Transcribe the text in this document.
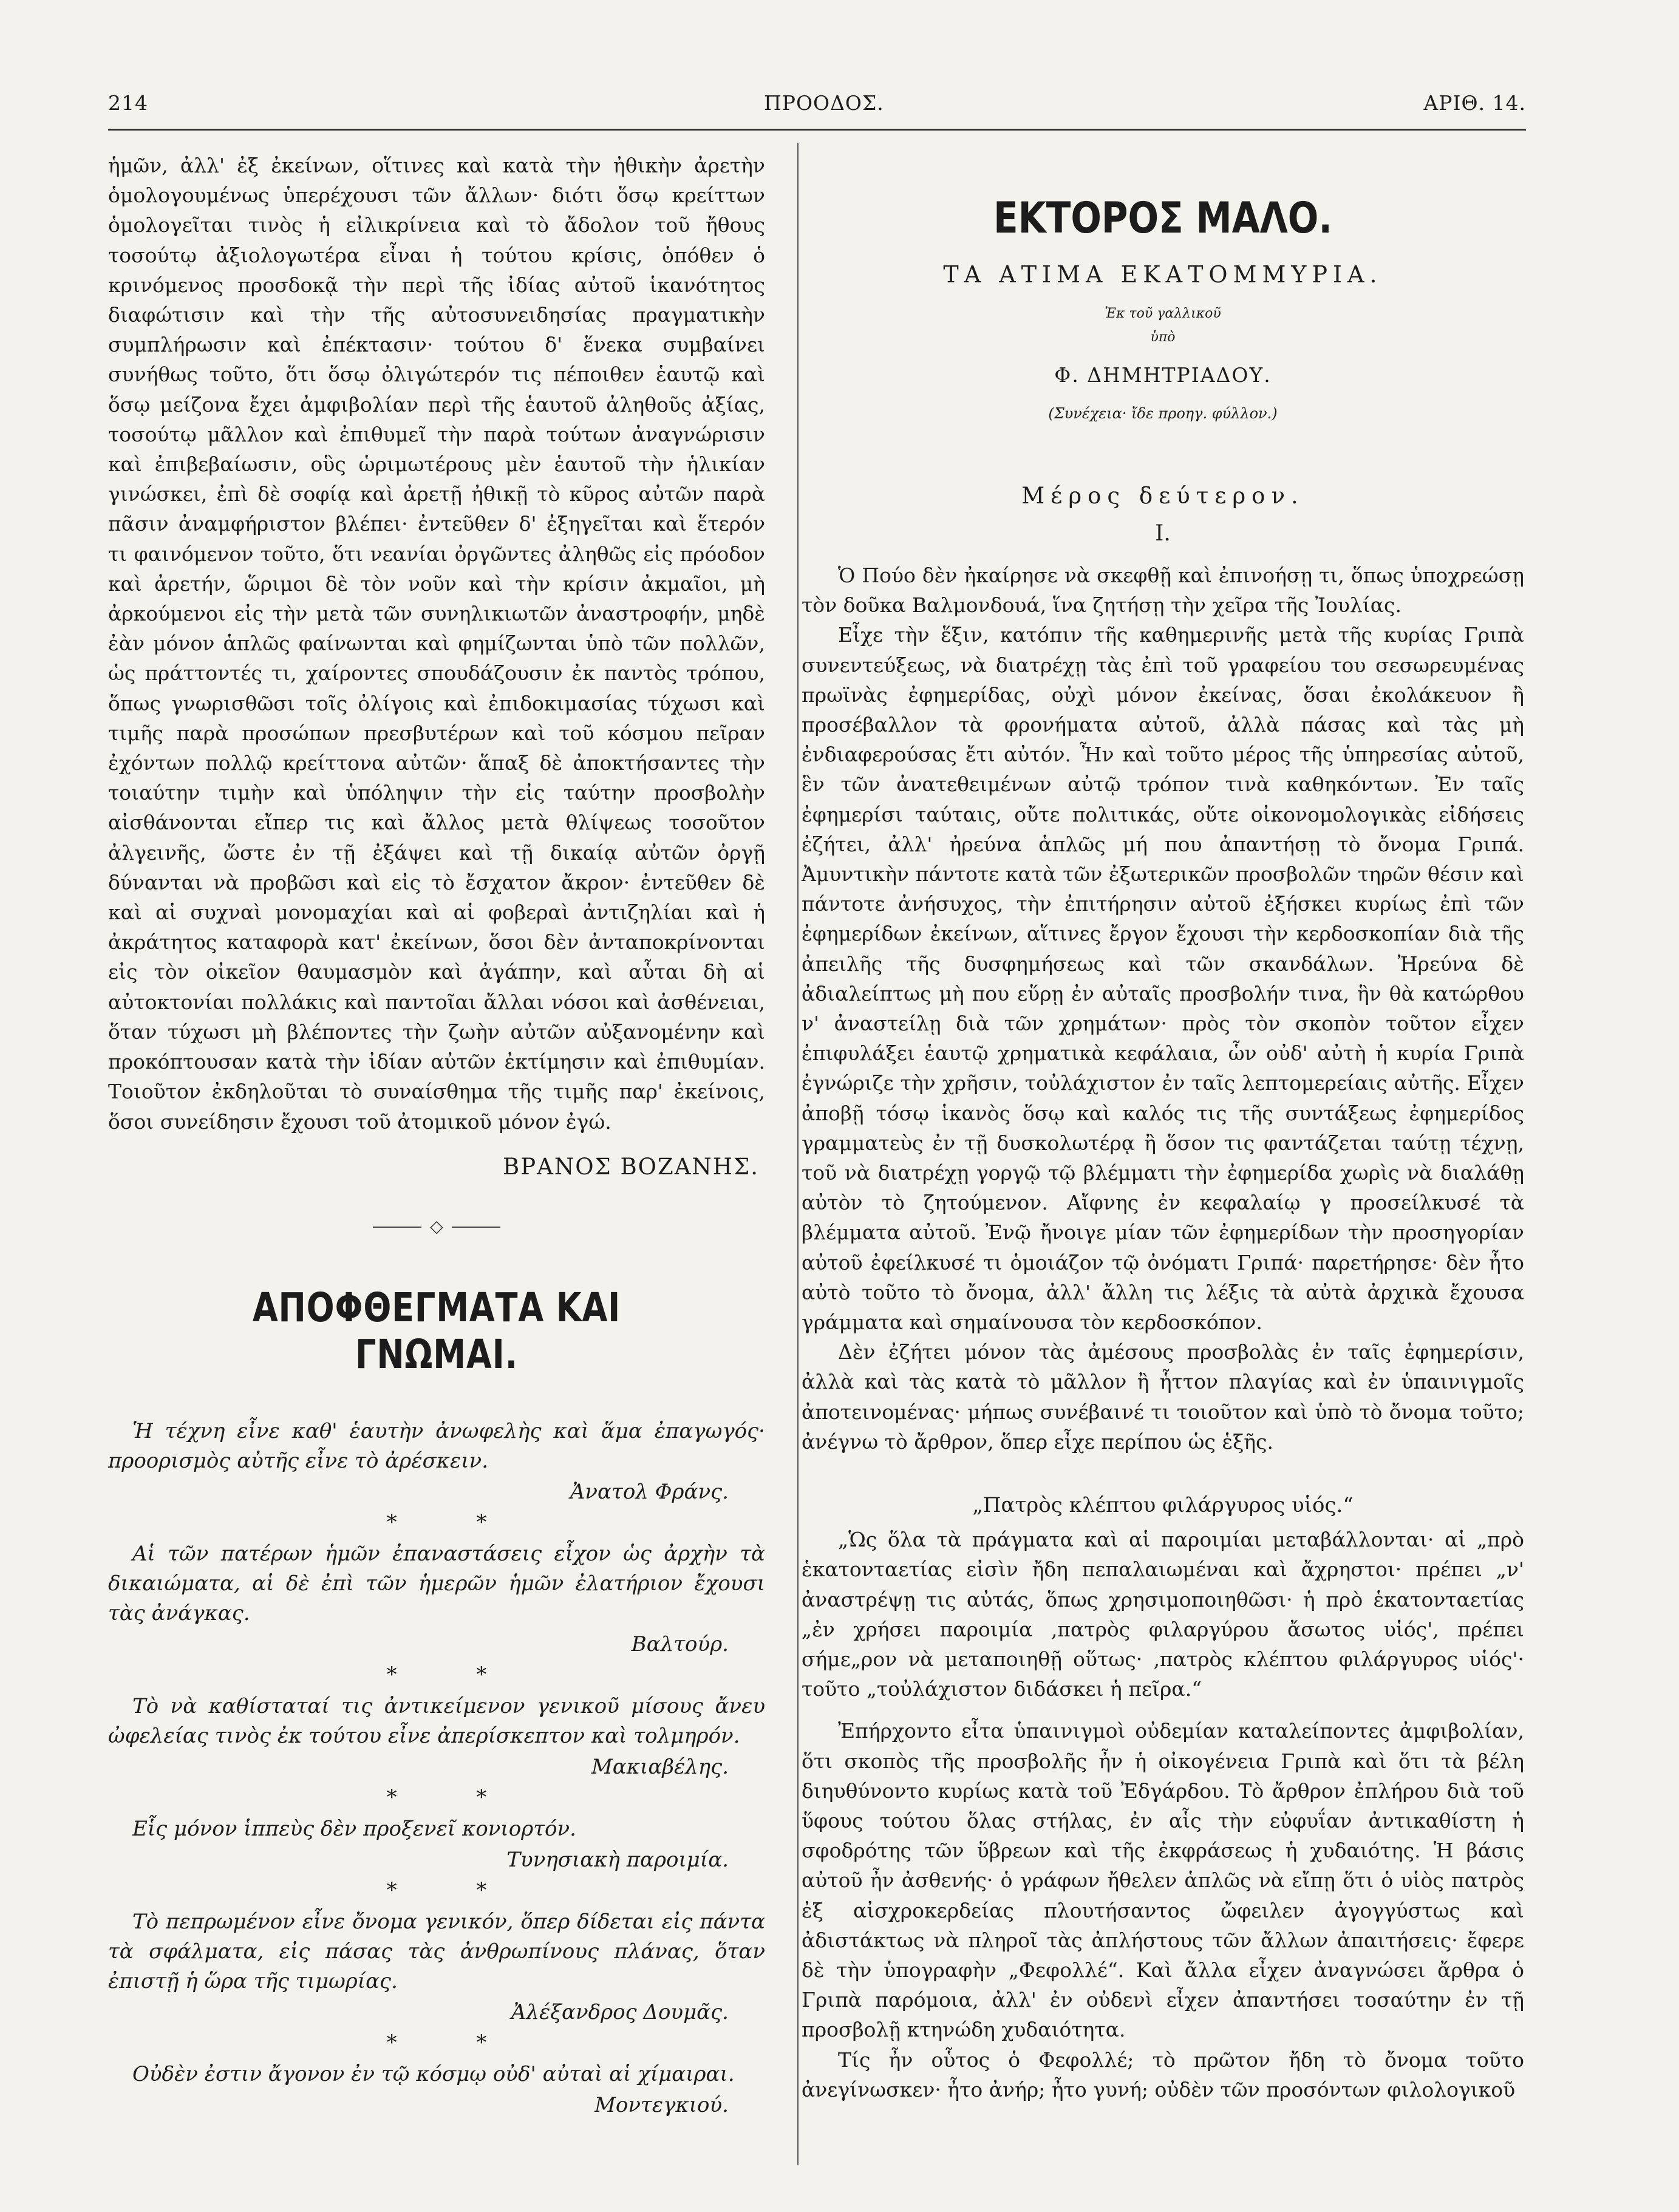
214	ΠΡΟΟΔΟΣ.	ΑΡΙΘ. 14.

ἡμῶν, ἀλλ' ἐξ ἐκείνων, οἵτινες καὶ κατὰ τὴν ἠθικὴν ἀρετὴν ὁμολογουμένως ὑπερέχουσι τῶν ἄλλων· διότι ὅσῳ κρείττων ὁμολογεῖται τινὸς ἡ εἰλικρίνεια καὶ τὸ ἄδολον τοῦ ἤθους τοσούτῳ ἀξιολογωτέρα εἶναι ἡ τούτου κρίσις, ὁπόθεν ὁ κρινόμενος προσδοκᾷ τὴν περὶ τῆς ἰδίας αὐτοῦ ἱκανότητος διαφώτισιν καὶ τὴν τῆς αὐτοσυνειδησίας πραγματικὴν συμπλήρωσιν καὶ ἐπέκτασιν· τούτου δ' ἕνεκα συμβαίνει συνήθως τοῦτο, ὅτι ὅσῳ ὀλιγώτερόν τις πέποιθεν ἑαυτῷ καὶ ὅσῳ μείζονα ἔχει ἀμφιβολίαν περὶ τῆς ἑαυτοῦ ἀληθοῦς ἀξίας, τοσούτῳ μᾶλλον καὶ ἐπιθυμεῖ τὴν παρὰ τούτων ἀναγνώρισιν καὶ ἐπιβεβαίωσιν, οὓς ὡριμωτέρους μὲν ἑαυτοῦ τὴν ἡλικίαν γινώσκει, ἐπὶ δὲ σοφίᾳ καὶ ἀρετῇ ἠθικῇ τὸ κῦρος αὐτῶν παρὰ πᾶσιν ἀναμφήριστον βλέπει· ἐντεῦθεν δ' ἐξηγεῖται καὶ ἕτερόν τι φαινόμενον τοῦτο, ὅτι νεανίαι ὀργῶντες ἀληθῶς εἰς πρόοδον καὶ ἀρετήν, ὥριμοι δὲ τὸν νοῦν καὶ τὴν κρίσιν ἀκμαῖοι, μὴ ἀρκούμενοι εἰς τὴν μετὰ τῶν συνηλικιωτῶν ἀναστροφήν, μηδὲ ἐὰν μόνον ἁπλῶς φαίνωνται καὶ φημίζωνται ὑπὸ τῶν πολλῶν, ὡς πράττοντές τι, χαίροντες σπουδάζουσιν ἐκ παντὸς τρόπου, ὅπως γνωρισθῶσι τοῖς ὀλίγοις καὶ ἐπιδοκιμασίας τύχωσι καὶ τιμῆς παρὰ προσώπων πρεσβυτέρων καὶ τοῦ κόσμου πεῖραν ἐχόντων πολλῷ κρείττονα αὐτῶν· ἅπαξ δὲ ἀποκτήσαντες τὴν τοιαύτην τιμὴν καὶ ὑπόληψιν τὴν εἰς ταύτην προσβολὴν αἰσθάνονται εἴπερ τις καὶ ἄλλος μετὰ θλίψεως τοσοῦτον ἀλγεινῆς, ὥστε ἐν τῇ ἐξάψει καὶ τῇ δικαίᾳ αὐτῶν ὀργῇ δύνανται νὰ προβῶσι καὶ εἰς τὸ ἔσχατον ἄκρον· ἐντεῦθεν δὲ καὶ αἱ συχναὶ μονομαχίαι καὶ αἱ φοβεραὶ ἀντιζηλίαι καὶ ἡ ἀκράτητος καταφορὰ κατ' ἐκείνων, ὅσοι δὲν ἀνταποκρίνονται εἰς τὸν οἰκεῖον θαυμασμὸν καὶ ἀγάπην, καὶ αὗται δὴ αἱ αὐτοκτονίαι πολλάκις καὶ παντοῖαι ἄλλαι νόσοι καὶ ἀσθένειαι, ὅταν τύχωσι μὴ βλέποντες τὴν ζωὴν αὐτῶν αὐξανομένην καὶ προκόπτουσαν κατὰ τὴν ἰδίαν αὐτῶν ἐκτίμησιν καὶ ἐπιθυμίαν. Τοιοῦτον ἐκδηλοῦται τὸ συναίσθημα τῆς τιμῆς παρ' ἐκείνοις, ὅσοι συνείδησιν ἔχουσι τοῦ ἀτομικοῦ μόνον ἐγώ.

ΒΡΑΝΟΣ ΒΟΖΑΝΗΣ.
◇
ΑΠΟΦΘΕΓΜΑΤΑ ΚΑΙ ΓΝΩΜΑΙ.

Ἡ τέχνη εἶνε καθ' ἑαυτὴν ἀνωφελὴς καὶ ἅμα ἐπαγωγός· προορισμὸς αὐτῆς εἶνε τὸ ἀρέσκειν.

Ἀνατολ Φράνς.
* *

Αἱ τῶν πατέρων ἡμῶν ἐπαναστάσεις εἶχον ὡς ἀρχὴν τὰ δικαιώματα, αἱ δὲ ἐπὶ τῶν ἡμερῶν ἡμῶν ἐλατήριον ἔχουσι τὰς ἀνάγκας.

Βαλτούρ.
* *

Τὸ νὰ καθίσταταί τις ἀντικείμενον γενικοῦ μίσους ἄνευ ὠφελείας τινὸς ἐκ τούτου εἶνε ἀπερίσκεπτον καὶ τολμηρόν.

Μακιαβέλης.
* *

Εἷς μόνον ἱππεὺς δὲν προξενεῖ κονιορτόν.

Τυνησιακὴ παροιμία.
* *

Τὸ πεπρωμένον εἶνε ὄνομα γενικόν, ὅπερ δίδεται εἰς πάντα τὰ σφάλματα, εἰς πάσας τὰς ἀνθρωπίνους πλάνας, ὅταν ἐπιστῇ ἡ ὥρα τῆς τιμωρίας.

Ἀλέξανδρος Δουμᾶς.
* *

Οὐδὲν ἐστιν ἄγονον ἐν τῷ κόσμῳ οὐδ' αὐταὶ αἱ χίμαιραι.

Μοντεγκιού.
ΕΚΤΟΡΟΣ ΜΑΛΟ.
ΤΑ ΑΤΙΜΑ ΕΚΑΤΟΜΜΥΡΙΑ.
Ἐκ τοῦ γαλλικοῦ
ὑπὸ
Φ. ΔΗΜΗΤΡΙΑΔΟΥ.
(Συνέχεια· ἴδε προηγ. φύλλον.)
Μέρος δεύτερον.
I.

Ὁ Πούο δὲν ἠκαίρησε νὰ σκεφθῇ καὶ ἐπινοήσῃ τι, ὅπως ὑποχρεώσῃ τὸν δοῦκα Βαλμονδουά, ἵνα ζητήσῃ τὴν χεῖρα τῆς Ἰουλίας.

Εἶχε τὴν ἕξιν, κατόπιν τῆς καθημερινῆς μετὰ τῆς κυρίας Γριπὰ συνεντεύξεως, νὰ διατρέχῃ τὰς ἐπὶ τοῦ γραφείου του σεσωρευμένας πρωϊνὰς ἐφημερίδας, οὐχὶ μόνον ἐκείνας, ὅσαι ἐκολάκευον ἢ προσέβαλλον τὰ φρονήματα αὐτοῦ, ἀλλὰ πάσας καὶ τὰς μὴ ἐνδιαφερούσας ἔτι αὐτόν. Ἦν καὶ τοῦτο μέρος τῆς ὑπηρεσίας αὐτοῦ, ἓν τῶν ἀνατεθειμένων αὐτῷ τρόπον τινὰ καθηκόντων. Ἐν ταῖς ἐφημερίσι ταύταις, οὔτε πολιτικάς, οὔτε οἰκονομολογικὰς εἰδήσεις ἐζήτει, ἀλλ' ἠρεύνα ἁπλῶς μή που ἀπαντήσῃ τὸ ὄνομα Γριπά. Ἀμυντικὴν πάντοτε κατὰ τῶν ἐξωτερικῶν προσβολῶν τηρῶν θέσιν καὶ πάντοτε ἀνήσυχος, τὴν ἐπιτήρησιν αὐτοῦ ἐξήσκει κυρίως ἐπὶ τῶν ἐφημερίδων ἐκείνων, αἵτινες ἔργον ἔχουσι τὴν κερδοσκοπίαν διὰ τῆς ἀπειλῆς τῆς δυσφημήσεως καὶ τῶν σκανδάλων. Ἠρεύνα δὲ ἀδιαλείπτως μὴ που εὕρῃ ἐν αὐταῖς προσβολήν τινα, ἣν θὰ κατώρθου ν' ἀναστείλῃ διὰ τῶν χρημάτων· πρὸς τὸν σκοπὸν τοῦτον εἶχεν ἐπιφυλάξει ἑαυτῷ χρηματικὰ κεφάλαια, ὧν οὐδ' αὐτὴ ἡ κυρία Γριπὰ ἐγνώριζε τὴν χρῆσιν, τοὐλάχιστον ἐν ταῖς λεπτομερείαις αὐτῆς. Εἶχεν ἀποβῇ τόσῳ ἱκανὸς ὅσῳ καὶ καλός τις τῆς συντάξεως ἐφημερίδος γραμματεὺς ἐν τῇ δυσκολωτέρᾳ ἢ ὅσον τις φαντάζεται ταύτῃ τέχνῃ, τοῦ νὰ διατρέχῃ γοργῷ τῷ βλέμματι τὴν ἐφημερίδα χωρὶς νὰ διαλάθῃ αὐτὸν τὸ ζητούμενον. Αἴφνης ἐν κεφαλαίῳ γ προσείλκυσέ τὰ βλέμματα αὐτοῦ. Ἐνῷ ἤνοιγε μίαν τῶν ἐφημερίδων τὴν προσηγορίαν αὐτοῦ ἐφείλκυσέ τι ὁμοιάζον τῷ ὀνόματι Γριπά· παρετήρησε· δὲν ἦτο αὐτὸ τοῦτο τὸ ὄνομα, ἀλλ' ἄλλη τις λέξις τὰ αὐτὰ ἀρχικὰ ἔχουσα γράμματα καὶ σημαίνουσα τὸν κερδοσκόπον.

Δὲν ἐζήτει μόνον τὰς ἀμέσους προσβολὰς ἐν ταῖς ἐφημερίσιν, ἀλλὰ καὶ τὰς κατὰ τὸ μᾶλλον ἢ ἧττον πλαγίας καὶ ἐν ὑπαινιγμοῖς ἀποτεινομένας· μήπως συνέβαινέ τι τοιοῦτον καὶ ὑπὸ τὸ ὄνομα τοῦτο; ἀνέγνω τὸ ἄρθρον, ὅπερ εἶχε περίπου ὡς ἑξῆς.

„Πατρὸς κλέπτου φιλάργυρος υἱός.“

„Ὡς ὅλα τὰ πράγματα καὶ αἱ παροιμίαι μεταβάλλονται· αἱ „πρὸ ἑκατονταετίας εἰσὶν ἤδη πεπαλαιωμέναι καὶ ἄχρηστοι· πρέπει „ν' ἀναστρέψῃ τις αὐτάς, ὅπως χρησιμοποιηθῶσι· ἡ πρὸ ἑκατονταετίας „ἐν χρήσει παροιμία ‚πατρὸς φιλαργύρου ἄσωτος υἱός', πρέπει σήμε„ρον νὰ μεταποιηθῇ οὕτως· ‚πατρὸς κλέπτου φιλάργυρος υἱός'· τοῦτο „τοὐλάχιστον διδάσκει ἡ πεῖρα.“

Ἐπήρχοντο εἶτα ὑπαινιγμοὶ οὐδεμίαν καταλείποντες ἀμφιβολίαν, ὅτι σκοπὸς τῆς προσβολῆς ἦν ἡ οἰκογένεια Γριπὰ καὶ ὅτι τὰ βέλη διηυθύνοντο κυρίως κατὰ τοῦ Ἐδγάρδου. Τὸ ἄρθρον ἐπλήρου διὰ τοῦ ὕφους τούτου ὅλας στήλας, ἐν αἷς τὴν εὐφυΐαν ἀντικαθίστη ἡ σφοδρότης τῶν ὕβρεων καὶ τῆς ἐκφράσεως ἡ χυδαιότης. Ἡ βάσις αὐτοῦ ἦν ἀσθενής· ὁ γράφων ἤθελεν ἁπλῶς νὰ εἴπῃ ὅτι ὁ υἱὸς πατρὸς ἐξ αἰσχροκερδείας πλουτήσαντος ὤφειλεν ἀγογγύστως καὶ ἀδιστάκτως νὰ πληροῖ τὰς ἀπλήστους τῶν ἄλλων ἀπαιτήσεις· ἔφερε δὲ τὴν ὑπογραφὴν „Φεφολλέ“. Καὶ ἄλλα εἶχεν ἀναγνώσει ἄρθρα ὁ Γριπὰ παρόμοια, ἀλλ' ἐν οὐδενὶ εἶχεν ἀπαντήσει τοσαύτην ἐν τῇ προσβολῇ κτηνώδη χυδαιότητα.

Τίς ἦν οὗτος ὁ Φεφολλέ; τὸ πρῶτον ἤδη τὸ ὄνομα τοῦτο ἀνεγίνωσκεν· ἦτο ἀνήρ; ἦτο γυνή; οὐδὲν τῶν προσόντων φιλολογικοῦ
